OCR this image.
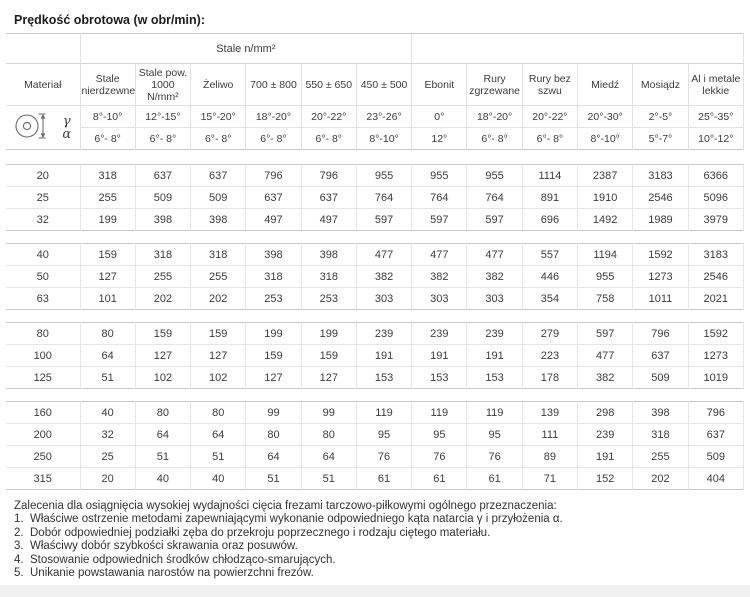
Prędkość obrotowa (w obr/min):
	Stale n/mm²											
Materiał	Stale nierdzewne	Stale pow. 1000 N/mm²	Żeliwo	700 ± 800	550 ± 650	450 ± 500	Ebonit	Rury zgrzewane	Rury bez szwu	Miedź	Mosiądz	Al i metale lekkie

γ
α	8°-10°	12°-15°	15°-20°	18°-20°	20°-22°	23°-26°	0°	18°-20°	20°-22°	20°-30°	2°-5°	25°-35°
	6°- 8°	6°- 8°	6°- 8°	6°- 8°	6°- 8°	8°-10°	12°	6°- 8°	6°- 8°	8°-10°	5°-7°	10°-12°
20	318	637	637	796	796	955	955	955	1114	2387	3183	6366
25	255	509	509	637	637	764	764	764	891	1910	2546	5096
32	199	398	398	497	497	597	597	597	696	1492	1989	3979
40	159	318	318	398	398	477	477	477	557	1194	1592	3183
50	127	255	255	318	318	382	382	382	446	955	1273	2546
63	101	202	202	253	253	303	303	303	354	758	1011	2021
80	80	159	159	199	199	239	239	239	279	597	796	1592
100	64	127	127	159	159	191	191	191	223	477	637	1273
125	51	102	102	127	127	153	153	153	178	382	509	1019
160	40	80	80	99	99	119	119	119	139	298	398	796
200	32	64	64	80	80	95	95	95	111	239	318	637
250	25	51	51	64	64	76	76	76	89	191	255	509
315	20	40	40	51	51	61	61	61	71	152	202	404
Zalecenia dla osiągnięcia wysokiej wydajności cięcia frezami tarczowo-piłkowymi ogólnego przeznaczenia:
1. Właściwe ostrzenie metodami zapewniającymi wykonanie odpowiedniego kąta natarcia γ i przyłożenia α.
2. Dobór odpowiedniej podziałki zęba do przekroju poprzecznego i rodzaju ciętego materiału.
3. Właściwy dobór szybkości skrawania oraz posuwów.
4. Stosowanie odpowiednich środków chłodząco-smarujących.
5. Unikanie powstawania narostów na powierzchni frezów.
